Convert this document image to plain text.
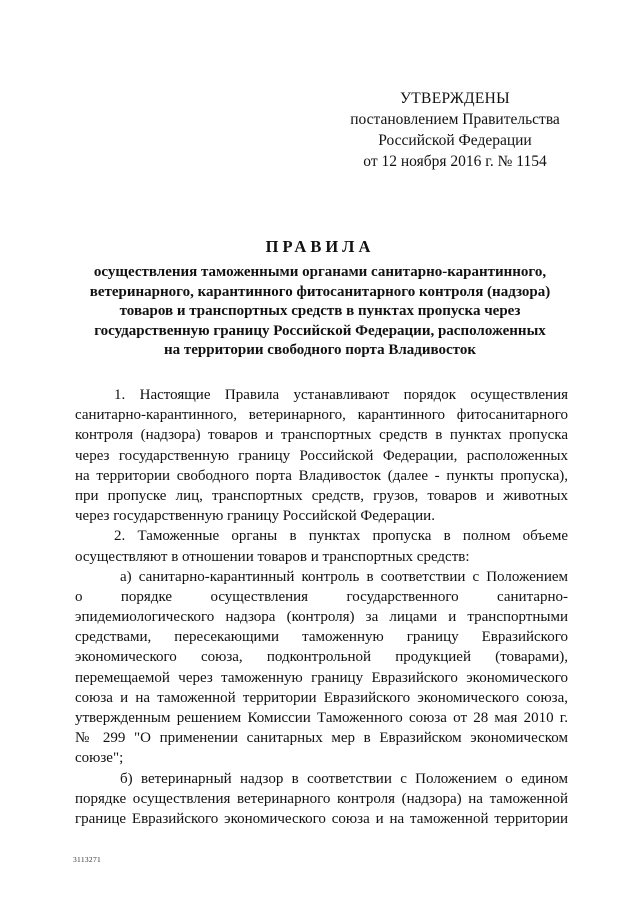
УТВЕРЖДЕНЫ
постановлением Правительства
Российской Федерации
от 12 ноября 2016 г. № 1154
ПРАВИЛА
осуществления таможенными органами санитарно-карантинного,
ветеринарного, карантинного фитосанитарного контроля (надзора)
товаров и транспортных средств в пунктах пропуска через
государственную границу Российской Федерации, расположенных
на территории свободного порта Владивосток
1. Настоящие Правила устанавливают порядок осуществления
санитарно-карантинного, ветеринарного, карантинного фитосанитарного
контроля (надзора) товаров и транспортных средств в пунктах пропуска
через государственную границу Российской Федерации, расположенных
на территории свободного порта Владивосток (далее - пункты пропуска),
при пропуске лиц, транспортных средств, грузов, товаров и животных
через государственную границу Российской Федерации.
2. Таможенные органы в пунктах пропуска в полном объеме
осуществляют в отношении товаров и транспортных средств:
а) санитарно-карантинный контроль в соответствии с Положением
о порядке осуществления государственного санитарно-
эпидемиологического надзора (контроля) за лицами и транспортными
средствами, пересекающими таможенную границу Евразийского
экономического союза, подконтрольной продукцией (товарами),
перемещаемой через таможенную границу Евразийского экономического
союза и на таможенной территории Евразийского экономического союза,
утвержденным решением Комиссии Таможенного союза от 28 мая 2010 г.
№ 299 "О применении санитарных мер в Евразийском экономическом
союзе";
б) ветеринарный надзор в соответствии с Положением о едином
порядке осуществления ветеринарного контроля (надзора) на таможенной
границе Евразийского экономического союза и на таможенной территории
3113271
